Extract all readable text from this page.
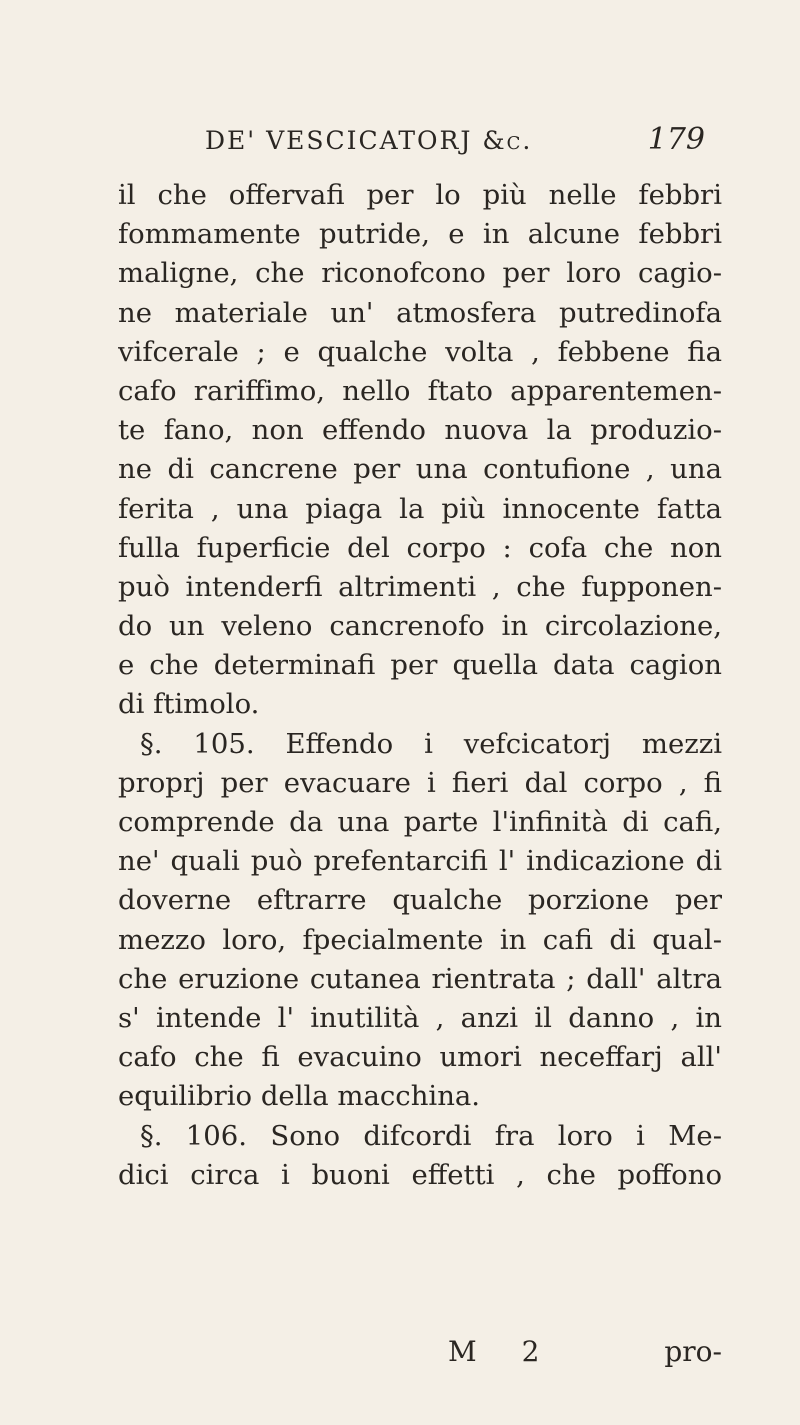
DE' VESCICATORJ &c.	179
il che offervafi per lo più nelle febbri
fommamente putride, e in alcune febbri
maligne, che riconofcono per loro cagio-
ne materiale un' atmosfera putredinofa
vifcerale ; e qualche volta , febbene fia
cafo rariffimo, nello ftato apparentemen-
te fano, non effendo nuova la produzio-
ne di cancrene per una contufione , una
ferita , una piaga la più innocente fatta
fulla fuperficie del corpo : cofa che non
può intenderfi altrimenti , che fupponen-
do un veleno cancrenofo in circolazione,
e che determinafi per quella data cagion
di ftimolo.
§. 105. Effendo i vefcicatorj mezzi
proprj per evacuare i fieri dal corpo , fi
comprende da una parte l'infinità di cafi,
ne' quali può prefentarcifi l' indicazione di
doverne eftrarre qualche porzione per
mezzo loro, fpecialmente in cafi di qual-
che eruzione cutanea rientrata ; dall' altra
s' intende l' inutilità , anzi il danno , in
cafo che fi evacuino umori neceffarj all'
equilibrio della macchina.
§. 106. Sono difcordi fra loro i Me-
dici circa i buoni effetti , che poffono
M 2	pro-
